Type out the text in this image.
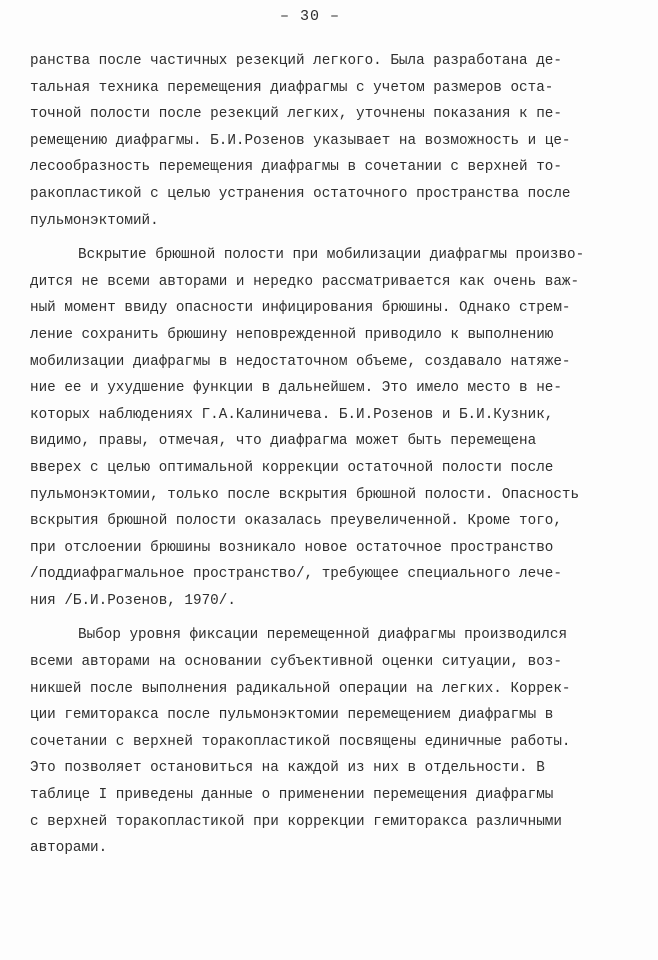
– 30 –
ранства после частичных резекций легкого. Была разработана де-
тальная техника перемещения диафрагмы с учетом размеров оста-
точной полости после резекций легких, уточнены показания к пе-
ремещению диафрагмы. Б.И.Розенов указывает на возможность и це-
лесообразность перемещения диафрагмы в сочетании с верхней то-
ракопластикой с целью устранения остаточного пространства после
пульмонэктомий.
Вскрытие брюшной полости при мобилизации диафрагмы произво-
дится не всеми авторами и нередко рассматривается как очень важ-
ный момент ввиду опасности инфицирования брюшины. Однако стрем-
ление сохранить брюшину неповрежденной приводило к выполнению
мобилизации диафрагмы в недостаточном объеме, создавало натяже-
ние ее и ухудшение функции в дальнейшем. Это имело место в не-
которых наблюдениях Г.А.Калиничева. Б.И.Розенов и Б.И.Кузник,
видимо, правы, отмечая, что диафрагма может быть перемещена
вверех с целью оптимальной коррекции остаточной полости после
пульмонэктомии, только после вскрытия брюшной полости. Опасность
вскрытия брюшной полости оказалась преувеличенной. Кроме того,
при отслоении брюшины возникало новое остаточное пространство
/поддиафрагмальное пространство/, требующее специального лече-
ния /Б.И.Розенов, 1970/.
Выбор уровня фиксации перемещенной диафрагмы производился
всеми авторами на основании субъективной оценки ситуации, воз-
никшей после выполнения радикальной операции на легких. Коррек-
ции гемиторакса после пульмонэктомии перемещением диафрагмы в
сочетании с верхней торакопластикой посвящены единичные работы.
Это позволяет остановиться на каждой из них в отдельности. В
таблице I приведены данные о применении перемещения диафрагмы
с верхней торакопластикой при коррекции гемиторакса различными
авторами.
